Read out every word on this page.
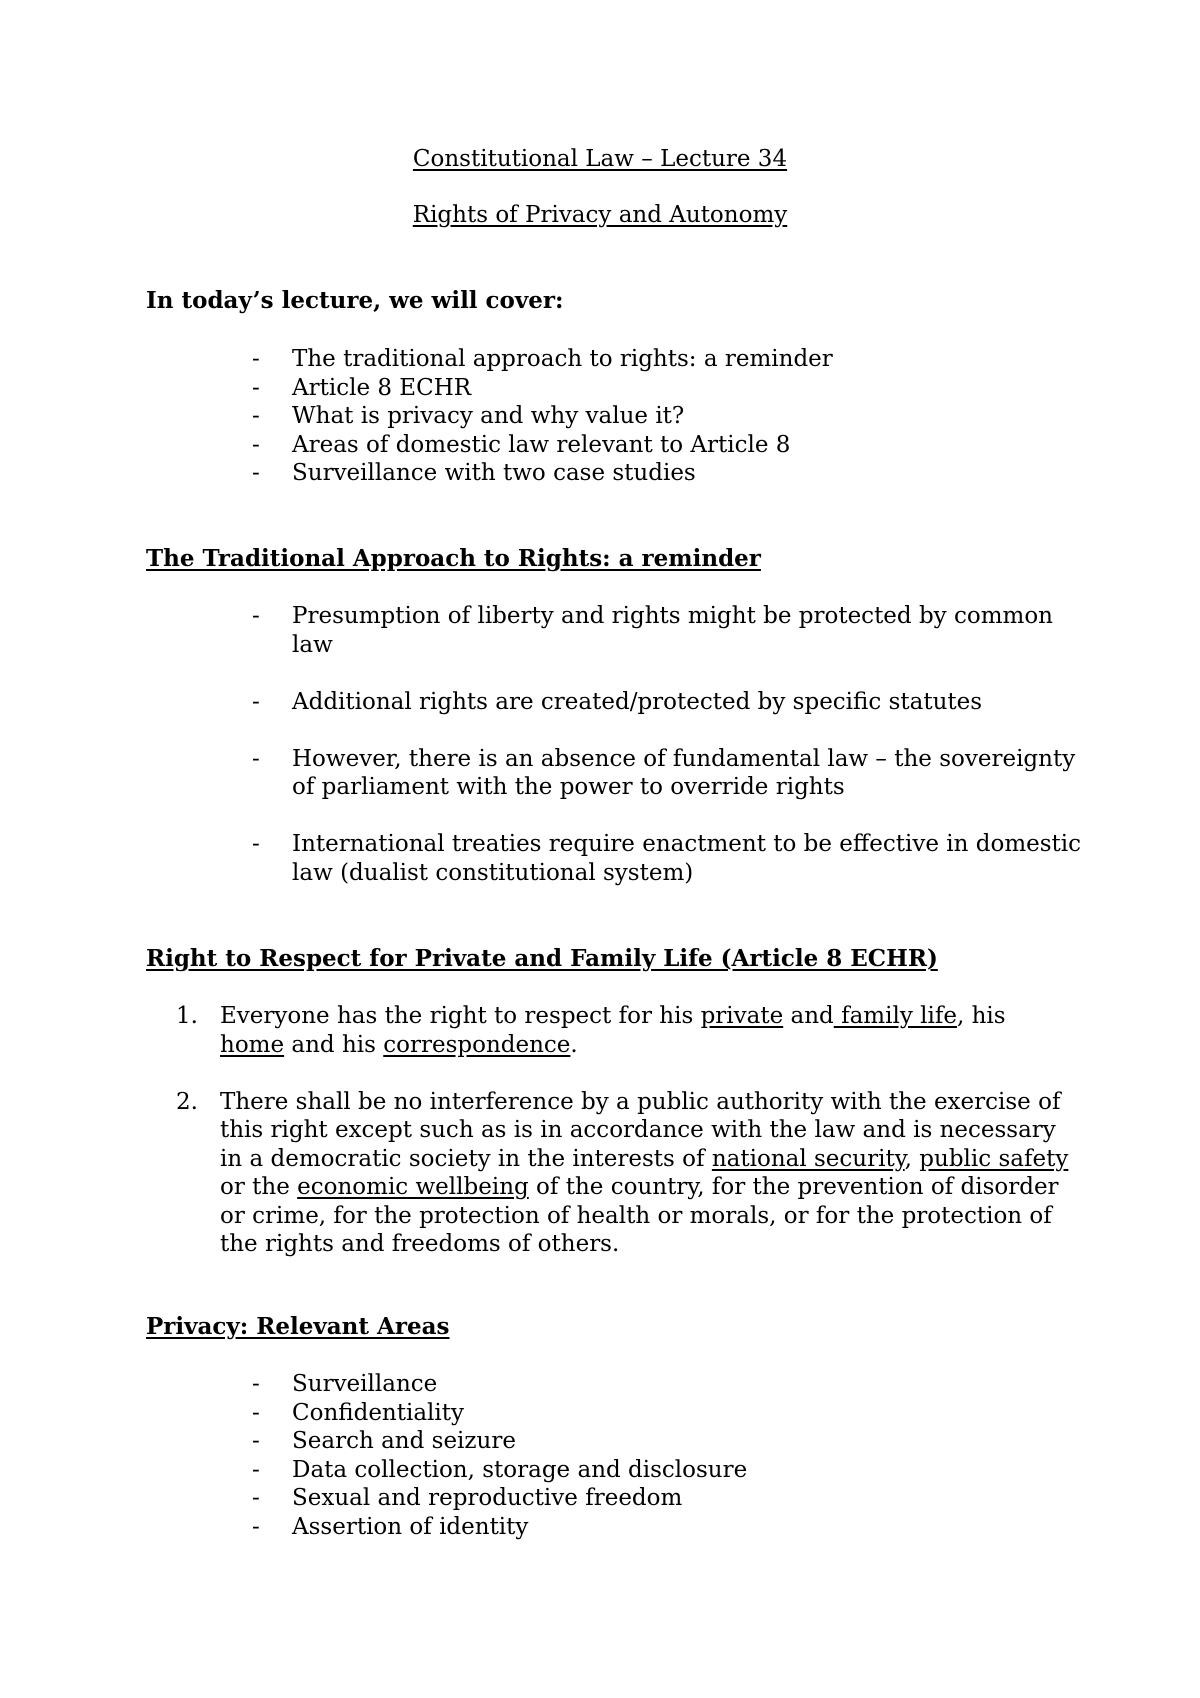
Constitutional Law – Lecture 34

Rights of Privacy and Autonomy

In today’s lecture, we will cover:

- The traditional approach to rights: a reminder
- Article 8 ECHR
- What is privacy and why value it?
- Areas of domestic law relevant to Article 8
- Surveillance with two case studies

The Traditional Approach to Rights: a reminder

- Presumption of liberty and rights might be protected by common law
- Additional rights are created/protected by specific statutes
- However, there is an absence of fundamental law – the sovereignty of parliament with the power to override rights
- International treaties require enactment to be effective in domestic law (dualist constitutional system)

Right to Respect for Private and Family Life (Article 8 ECHR)

1. Everyone has the right to respect for his private and family life, his home and his correspondence.
2. There shall be no interference by a public authority with the exercise of this right except such as is in accordance with the law and is necessary in a democratic society in the interests of national security, public safety or the economic wellbeing of the country, for the prevention of disorder or crime, for the protection of health or morals, or for the protection of the rights and freedoms of others.

Privacy: Relevant Areas

- Surveillance
- Confidentiality
- Search and seizure
- Data collection, storage and disclosure
- Sexual and reproductive freedom
- Assertion of identity
